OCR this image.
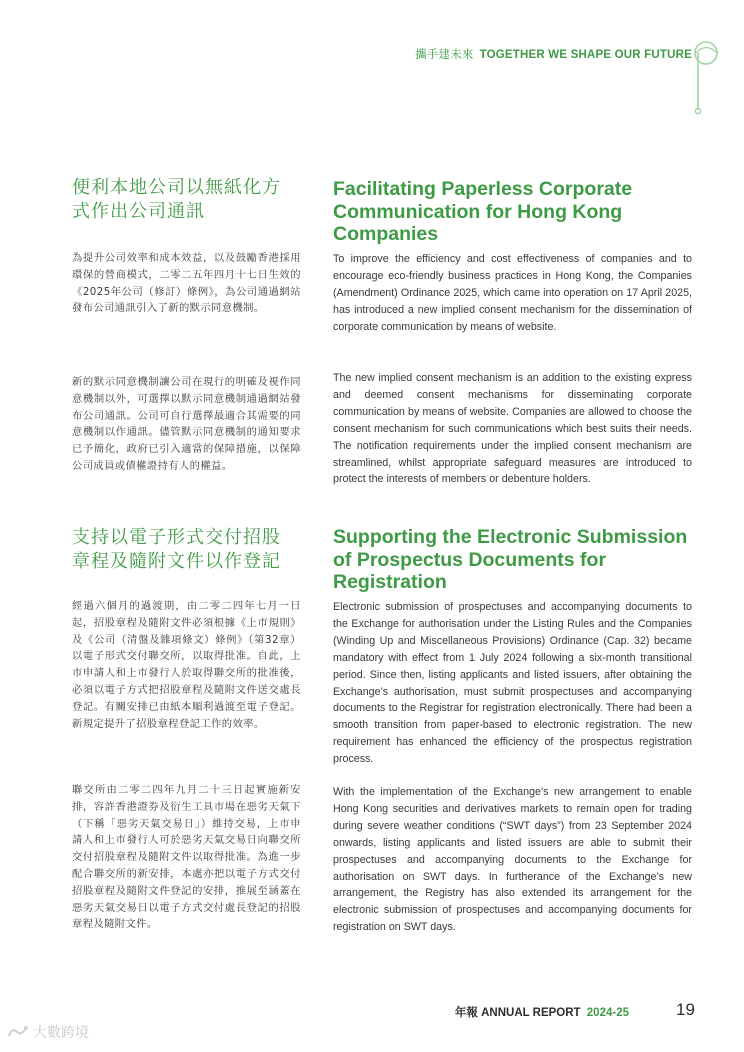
攜手建未來 TOGETHER WE SHAPE OUR FUTURE
便利本地公司以無紙化方式作出公司通訊
Facilitating Paperless Corporate Communication for Hong Kong Companies

為提升公司效率和成本效益，以及鼓勵香港採用環保的營商模式，二零二五年四月十七日生效的《2025年公司（修訂）條例》，為公司通過網站發布公司通訊引入了新的默示同意機制。

新的默示同意機制讓公司在現行的明確及視作同意機制以外，可選擇以默示同意機制通過網站發布公司通訊。公司可自行選擇最適合其需要的同意機制以作通訊。儘管默示同意機制的通知要求已予簡化，政府已引入適當的保障措施，以保障公司成員或債權證持有人的權益。

To improve the efficiency and cost effectiveness of companies and to encourage eco-friendly business practices in Hong Kong, the Companies (Amendment) Ordinance 2025, which came into operation on 17 April 2025, has introduced a new implied consent mechanism for the dissemination of corporate communication by means of website.

The new implied consent mechanism is an addition to the existing express and deemed consent mechanisms for disseminating corporate communication by means of website. Companies are allowed to choose the consent mechanism for such communications which best suits their needs. The notification requirements under the implied consent mechanism are streamlined, whilst appropriate safeguard measures are introduced to protect the interests of members or debenture holders.

支持以電子形式交付招股章程及隨附文件以作登記
Supporting the Electronic Submission of Prospectus Documents for Registration

經過六個月的過渡期，由二零二四年七月一日起，招股章程及隨附文件必須根據《上市規則》及《公司（清盤及雜項條文）條例》（第32章）以電子形式交付聯交所，以取得批准。自此，上市申請人和上市發行人於取得聯交所的批准後，必須以電子方式把招股章程及隨附文件送交處長登記。有關安排已由紙本順利過渡至電子登記。新規定提升了招股章程登記工作的效率。

聯交所由二零二四年九月二十三日起實施新安排，容許香港證券及衍生工具市場在惡劣天氣下（下稱「惡劣天氣交易日」）維持交易，上市申請人和上市發行人可於惡劣天氣交易日向聯交所交付招股章程及隨附文件以取得批准。為進一步配合聯交所的新安排，本處亦把以電子方式交付招股章程及隨附文件登記的安排，推展至涵蓋在惡劣天氣交易日以電子方式交付處長登記的招股章程及隨附文件。

Electronic submission of prospectuses and accompanying documents to the Exchange for authorisation under the Listing Rules and the Companies (Winding Up and Miscellaneous Provisions) Ordinance (Cap. 32) became mandatory with effect from 1 July 2024 following a six-month transitional period. Since then, listing applicants and listed issuers, after obtaining the Exchange’s authorisation, must submit prospectuses and accompanying documents to the Registrar for registration electronically. There had been a smooth transition from paper-based to electronic registration. The new requirement has enhanced the efficiency of the prospectus registration process.

With the implementation of the Exchange’s new arrangement to enable Hong Kong securities and derivatives markets to remain open for trading during severe weather conditions (“SWT days”) from 23 September 2024 onwards, listing applicants and listed issuers are able to submit their prospectuses and accompanying documents to the Exchange for authorisation on SWT days. In furtherance of the Exchange’s new arrangement, the Registry has also extended its arrangement for the electronic submission of prospectuses and accompanying documents for registration on SWT days.

年報 ANNUAL REPORT 2024-25	19
大數跨境
